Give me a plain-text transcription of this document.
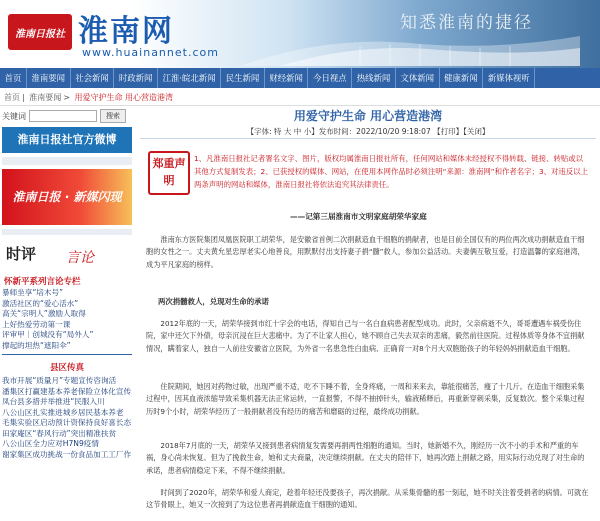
淮南日报社 淮南网
www.huainannet.com
知悉淮南的捷径
首页	淮南要闻	社会新闻	时政新闻	江淮·皖北新闻	民生新闻	财经新闻	今日视点	热线新闻	文体新闻	健康新闻	新媒体视听
首页 | 淮南要闻 > 用爱守护生命 用心营造港湾
关键词	搜索
淮南日报社官方微博
淮南日报 · 新媒闪现
时评 言论
怀新平系列言论专栏
暴师坐享“培木号”
激活社区的“爱心活水”
高关“宗明人”激励人取得
上好热爱劳动第一课
评审甲｜创城没有“局外人”
撑起的坦热“遮阳伞”
县区传真
我市开展“质量月”专题宣传咨询活
潘集区打赢建基本养老保险立体化宣传
凤台县多措并举推进“民服入川
八公山区扎实推进城乡居民基本养老
毛集实验区启动预计资保持良好喜长态
田家庵区“春风行动”突出精准扶贫
八公山区全力应对H7N9疫情
谢家集区成功挑战一份食品加工工厂作
用爱守护生命 用心营造港湾
【字体: 特 大 中 小】发布时间：2022/10/20 9:18:07 【打印】【关闭】
郑重声明
1、凡淮南日报社记者署名文字、图片，版权均属淮南日报社所有，任何网站和媒体未经授权不得转载、链接、转贴或以其他方式复制发表；2、已获授权的媒体、网站，在使用本网作品时必须注明“来源：淮南网”和作者名字；3、对违反以上两条声明的网站和媒体，淮南日报社将依法追究其法律责任。
——记第三届淮南市文明家庭胡荣华家庭
淮南东方医院集团凤凰医院职工胡荣华，是安徽省首例二次捐献造血干细胞的捐献者，也是目前全国仅有的两位两次成功捐献造血干细胞的女性之一。丈夫黄允星忠厚老实心地善良，用默默付出支持妻子捐“髓”救人，参加公益活动。夫妻俩互敬互爱，打造温馨的家庭港湾，成为平凡家庭的榜样。
两次捐髓救人，兑现对生命的承诺
2012年底的一天，胡荣华接到市红十字会的电话，得知自己与一名白血病患者配型成功。此时，父亲病逝不久，哥哥遭遇车祸受伤住院，家中还欠下外债，母亲沉浸在巨大悲痛中。为了不让家人担心，她不顾自己失去双亲的悲痛，毅然前往医院。过程体质等身体不宜捐献情况，瞒着家人，独自一人前往安徽省立医院，为外省一名患急性白血病、正确育一对8个月大双胞胎孩子的年轻妈妈捐献造血干细胞。
住院期间，她因对药物过敏，出现严重不适，吃不下睡不着，全身疼痛，一周和来来去，靠能很痛苦，瘦了十几斤。在造血干细胞采集过程中，因其血液浓缩导致采集机器无法正常运转，一直报警，不得不抽掉针头，输液稀释后，再重新穿刺采集，反复数次。整个采集过程历时9个小时，胡荣华经历了一般捐献者没有经历的痛苦和磨砺的过程，最终成功捐献。
2018年7月底的一天，胡荣华又接到患者病情复发需要再捐两性细胞的通知。当时，她新婚不久，刚经历一次不小的手术和严重的车祸，身心尚未恢复。但为了挽救生命，她和丈夫商量，决定继续捐献。在丈夫的陪伴下，她再次踏上捐献之路，用实际行动兑现了对生命的承诺，患者病情稳定下来，不得不继续捐献。
时间到了2020年，胡荣华和爱人商定，趁着年轻还没要孩子，再次捐献。从采集骨髓的那一刻起，她不时关注着受捐者的病情。可就在这节骨眼上，她又一次接到了为这位患者再捐献造血干细胞的通知。
